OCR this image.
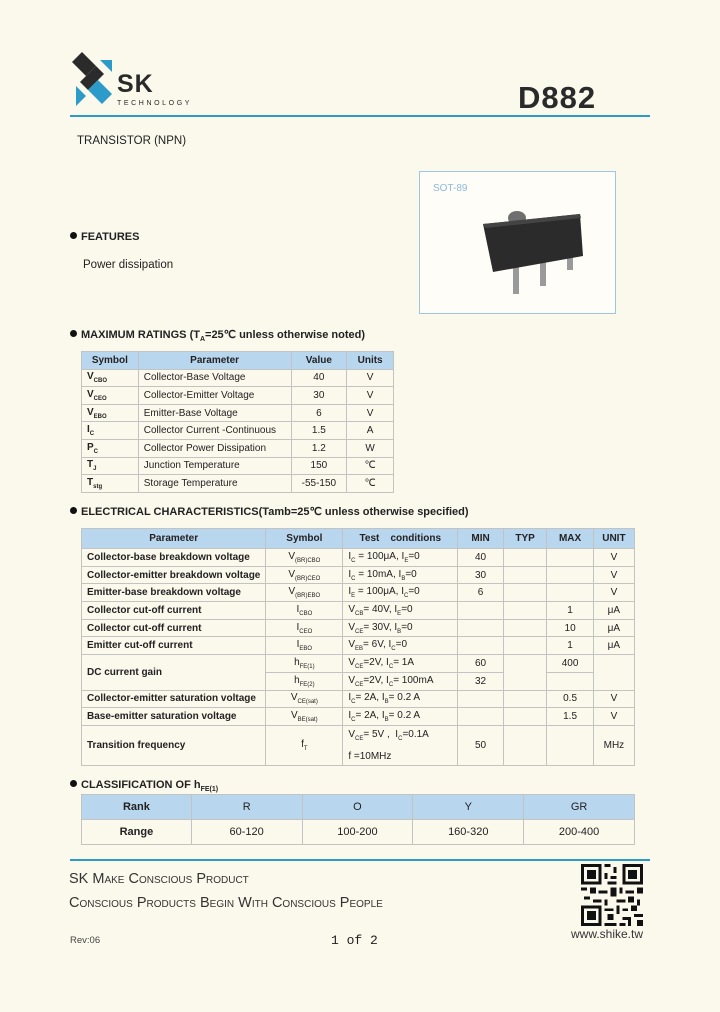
SK
TECHNOLOGY	D882
TRANSISTOR (NPN)
SOT-89
FEATURES
Power dissipation
MAXIMUM RATINGS ($T_A=25℃$ unless otherwise noted)
Symbol	Parameter	Value	Units
$V_{CBO}$	Collector-Base Voltage	40	V
$V_{CEO}$	Collector-Emitter Voltage	30	V
$V_{EBO}$	Emitter-Base Voltage	6	V
$I_C$	Collector Current -Continuous	1.5	A
$P_C$	Collector Power Dissipation	1.2	W
$T_J$	Junction Temperature	150	℃
$T_{stg}$	Storage Temperature	-55-150	℃
ELECTRICAL CHARACTERISTICS(Tamb=25℃ unless otherwise specified)
Parameter	Symbol	Test    conditions	MIN	TYP	MAX	UNIT
Collector-base breakdown voltage	$V_{(BR)CBO}$	$I_C = 100\mu A$, $I_E=0$	40			V
Collector-emitter breakdown voltage	$V_{(BR)CEO}$	$I_C = 10mA$, $I_B=0$	30			V
Emitter-base breakdown voltage	$V_{(BR)EBO}$	$I_E = 100\mu A$, $I_C=0$	6			V
Collector cut-off current	$I_{CBO}$	$V_{CB}= 40V$, $I_E=0$			1	μA
Collector cut-off current	$I_{CEO}$	$V_{CE}= 30V$, $I_B=0$			10	μA
Emitter cut-off current	$I_{EBO}$	$V_{EB}= 6V$, $I_C=0$			1	μA
DC current gain	$h_{FE(1)}$	$V_{CE}=2V$, $I_C= 1A$	60		400	
	$h_{FE(2)}$	$V_{CE}=2V$, $I_C= 100mA$	32			
Collector-emitter saturation voltage	$V_{CE(sat)}$	$I_C= 2A$, $I_B= 0.2$ A			0.5	V
Base-emitter saturation voltage	$V_{BE(sat)}$	$I_C= 2A$, $I_B= 0.2$ A			1.5	V
Transition frequency	$f_T$	$V_{CE}= 5V$ ,  $I_C=0.1A$
f =10MHz	50			MHz
CLASSIFICATION OF $h_{FE(1)}$
Rank	R	O	Y	GR
Range	60-120	100-200	160-320	200-400
SK Make Conscious Product
Conscious Products Begin With Conscious People
www.shike.tw
Rev:06	1 of 2
